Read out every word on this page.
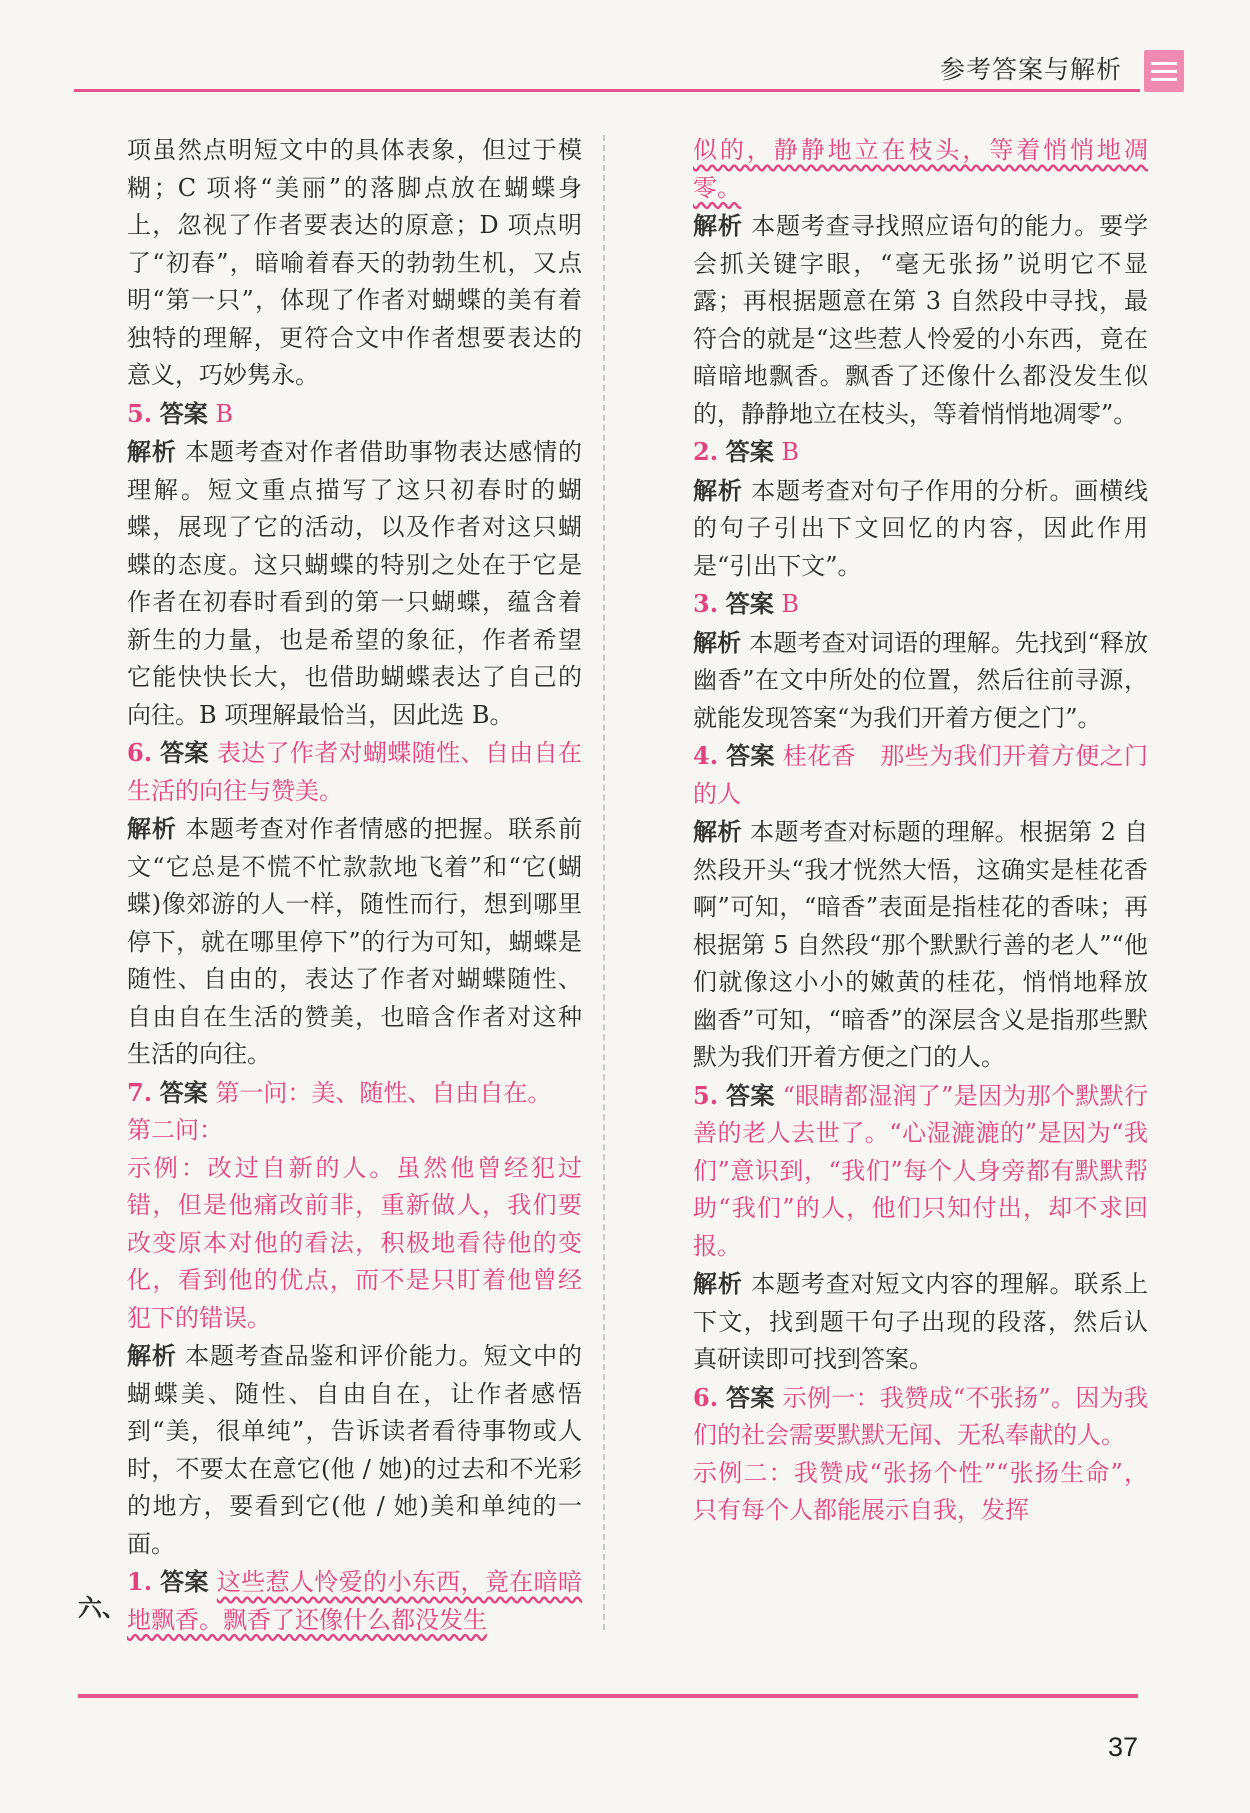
参考答案与解析

项虽然点明短文中的具体表象，但过于模糊；C 项将“美丽”的落脚点放在蝴蝶身上，忽视了作者要表达的原意；D 项点明了“初春”，暗喻着春天的勃勃生机，又点明“第一只”，体现了作者对蝴蝶的美有着独特的理解，更符合文中作者想要表达的意义，巧妙隽永。

5. 答案 B

解析 本题考查对作者借助事物表达感情的理解。短文重点描写了这只初春时的蝴蝶，展现了它的活动，以及作者对这只蝴蝶的态度。这只蝴蝶的特别之处在于它是作者在初春时看到的第一只蝴蝶，蕴含着新生的力量，也是希望的象征，作者希望它能快快长大，也借助蝴蝶表达了自己的向往。B 项理解最恰当，因此选 B。

6. 答案 表达了作者对蝴蝶随性、自由自在生活的向往与赞美。

解析 本题考查对作者情感的把握。联系前文“它总是不慌不忙款款地飞着”和“它(蝴蝶)像郊游的人一样，随性而行，想到哪里停下，就在哪里停下”的行为可知，蝴蝶是随性、自由的，表达了作者对蝴蝶随性、自由自在生活的赞美，也暗含作者对这种生活的向往。

7. 答案 第一问：美、随性、自由自在。

第二问：

示例：改过自新的人。虽然他曾经犯过错，但是他痛改前非，重新做人，我们要改变原本对他的看法，积极地看待他的变化，看到他的优点，而不是只盯着他曾经犯下的错误。

解析 本题考查品鉴和评价能力。短文中的蝴蝶美、随性、自由自在，让作者感悟到“美，很单纯”，告诉读者看待事物或人时，不要太在意它(他 / 她)的过去和不光彩的地方，要看到它(他 / 她)美和单纯的一面。

1. 答案 这些惹人怜爱的小东西，竟在暗暗地飘香。飘香了还像什么都没发生

六、

似的，静静地立在枝头，等着悄悄地凋零。

解析 本题考查寻找照应语句的能力。要学会抓关键字眼，“毫无张扬”说明它不显露；再根据题意在第 3 自然段中寻找，最符合的就是“这些惹人怜爱的小东西，竟在暗暗地飘香。飘香了还像什么都没发生似的，静静地立在枝头，等着悄悄地凋零”。

2. 答案 B

解析 本题考查对句子作用的分析。画横线的句子引出下文回忆的内容，因此作用是“引出下文”。

3. 答案 B

解析 本题考查对词语的理解。先找到“释放幽香”在文中所处的位置，然后往前寻源，就能发现答案“为我们开着方便之门”。

4. 答案 桂花香　那些为我们开着方便之门的人

解析 本题考查对标题的理解。根据第 2 自然段开头“我才恍然大悟，这确实是桂花香啊”可知，“暗香”表面是指桂花的香味；再根据第 5 自然段“那个默默行善的老人”“他们就像这小小的嫩黄的桂花，悄悄地释放幽香”可知，“暗香”的深层含义是指那些默默为我们开着方便之门的人。

5. 答案 “眼睛都湿润了”是因为那个默默行善的老人去世了。“心湿漉漉的”是因为“我们”意识到，“我们”每个人身旁都有默默帮助“我们”的人，他们只知付出，却不求回报。

解析 本题考查对短文内容的理解。联系上下文，找到题干句子出现的段落，然后认真研读即可找到答案。

6. 答案 示例一：我赞成“不张扬”。因为我们的社会需要默默无闻、无私奉献的人。

示例二：我赞成“张扬个性”“张扬生命”，只有每个人都能展示自我，发挥

37
